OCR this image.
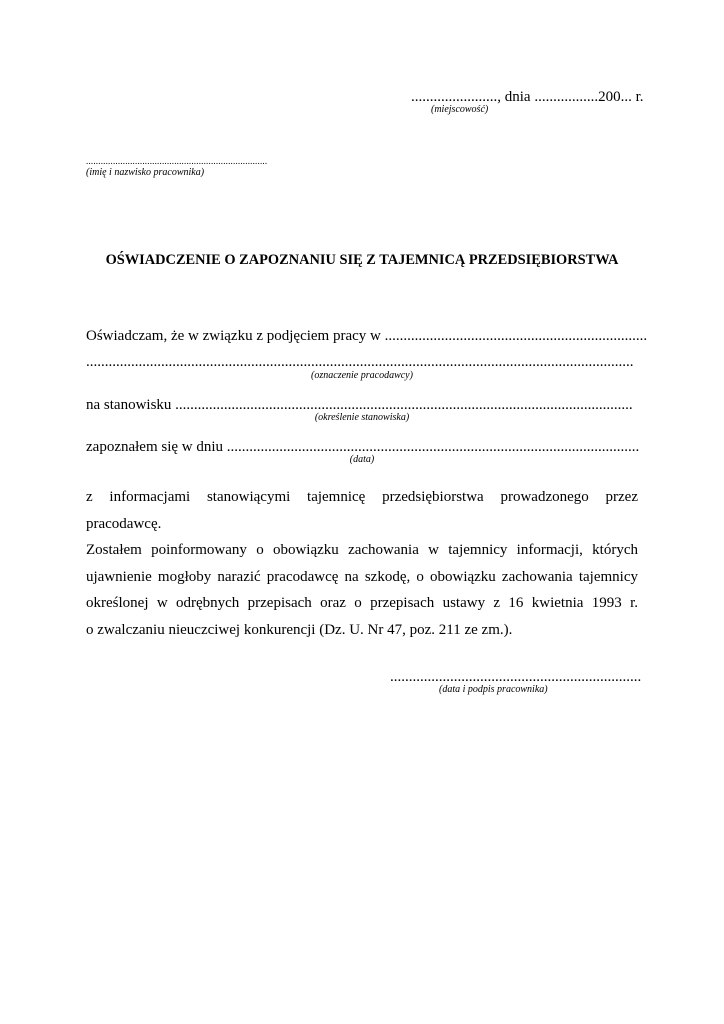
......................., dnia .................200... r.
(miejscowość)
..........................................................................
(imię i nazwisko pracownika)
OŚWIADCZENIE O ZAPOZNANIU SIĘ Z TAJEMNICĄ PRZEDSIĘBIORSTWA
Oświadczam, że w związku z podjęciem pracy w ......................................................................
..................................................................................................................................................
(oznaczenie pracodawcy)
na stanowisku ..........................................................................................................................
(określenie stanowiska)
zapoznałem się w dniu ..............................................................................................................
(data)

z informacjami stanowiącymi tajemnicę przedsiębiorstwa prowadzonego przez pracodawcę.

Zostałem poinformowany o obowiązku zachowania w tajemnicy informacji, których

ujawnienie mogłoby narazić pracodawcę na szkodę, o obowiązku zachowania tajemnicy

określonej w odrębnych przepisach oraz o przepisach ustawy z 16 kwietnia 1993 r.

o zwalczaniu nieuczciwej konkurencji (Dz. U. Nr 47, poz. 211 ze zm.).

...................................................................
(data i podpis pracownika)
